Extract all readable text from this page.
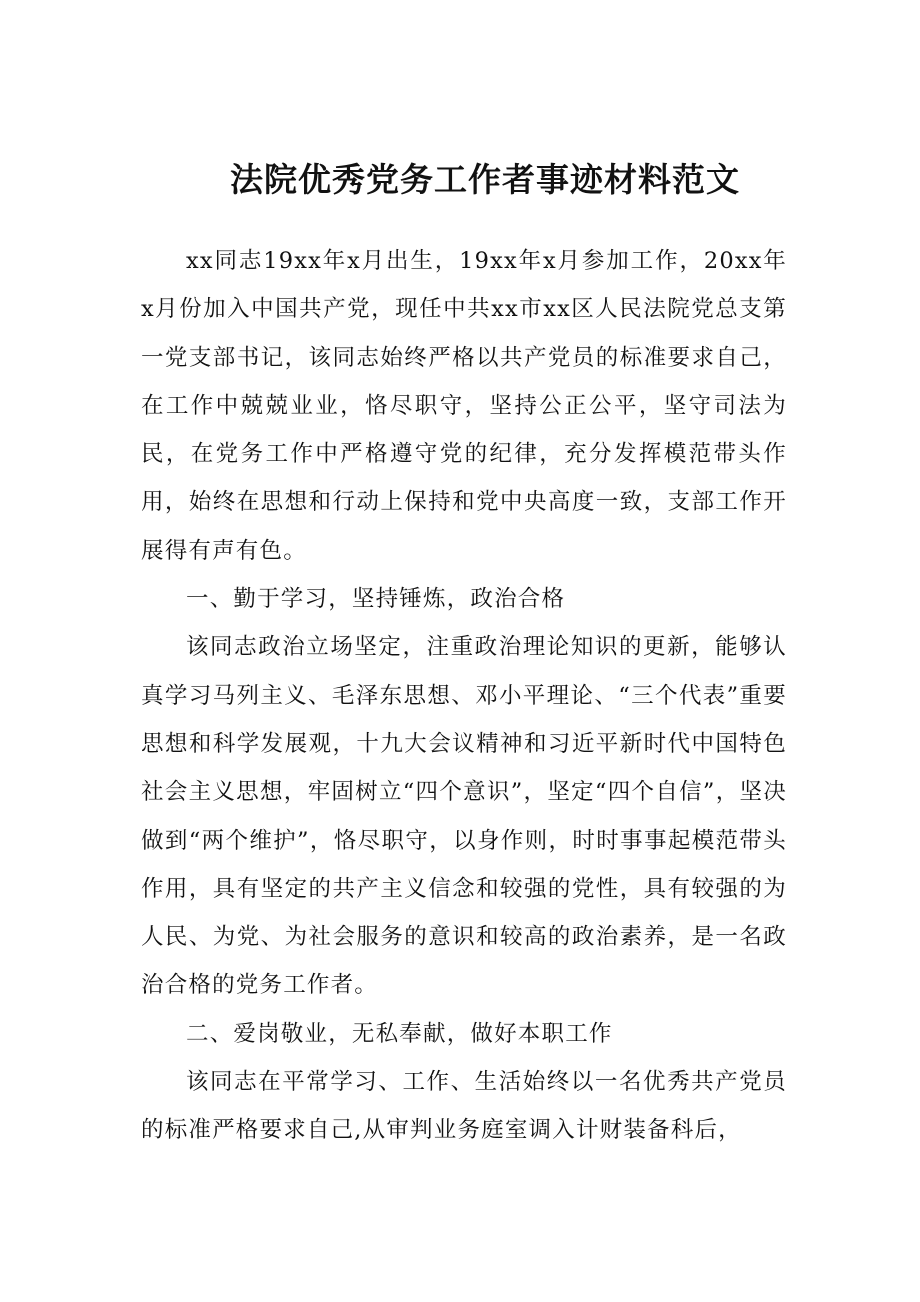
法院优秀党务工作者事迹材料范文

xx同志19xx年x月出生，19xx年x月参加工作，20xx年x月份加入中国共产党，现任中共xx市xx区人民法院党总支第一党支部书记，该同志始终严格以共产党员的标准要求自己，在工作中兢兢业业，恪尽职守，坚持公正公平，坚守司法为民，在党务工作中严格遵守党的纪律，充分发挥模范带头作用，始终在思想和行动上保持和党中央高度一致，支部工作开展得有声有色。

一、勤于学习，坚持锤炼，政治合格

该同志政治立场坚定，注重政治理论知识的更新，能够认真学习马列主义、毛泽东思想、邓小平理论、“三个代表”重要思想和科学发展观，十九大会议精神和习近平新时代中国特色社会主义思想，牢固树立“四个意识”，坚定“四个自信”，坚决做到“两个维护”，恪尽职守，以身作则，时时事事起模范带头作用，具有坚定的共产主义信念和较强的党性，具有较强的为人民、为党、为社会服务的意识和较高的政治素养，是一名政治合格的党务工作者。

二、爱岗敬业，无私奉献，做好本职工作

该同志在平常学习、工作、生活始终以一名优秀共产党员的标准严格要求自己,从审判业务庭室调入计财装备科后，
